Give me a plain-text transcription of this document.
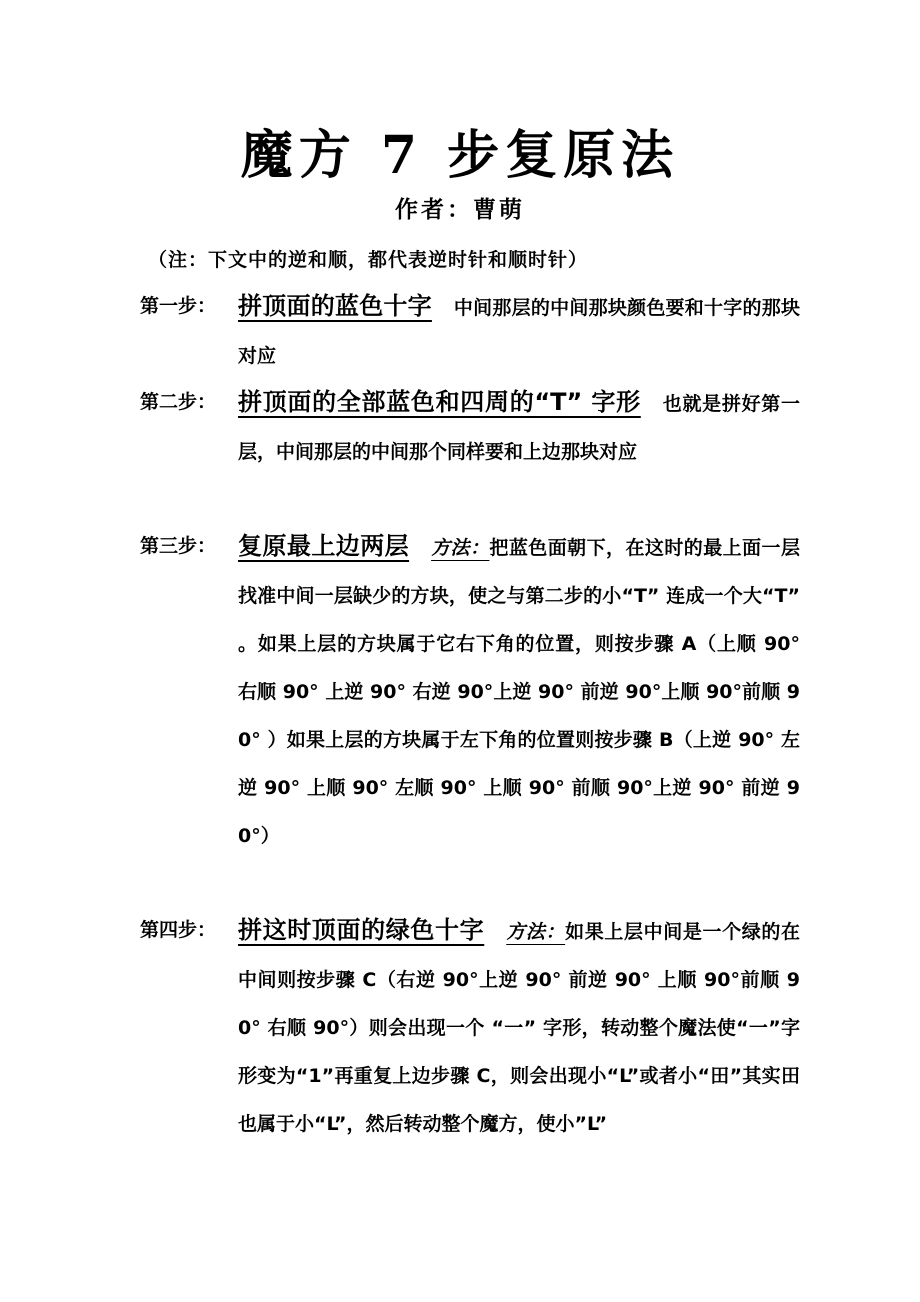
魔方 7 步复原法
作者：曹萌
（注：下文中的逆和顺，都代表逆时针和顺时针）
第一步： 拼顶面的蓝色十字 中间那层的中间那块颜色要和十字的那块对应
第二步： 拼顶面的全部蓝色和四周的“T” 字形 也就是拼好第一层，中间那层的中间那个同样要和上边那块对应
第三步： 复原最上边两层 方法：把蓝色面朝下，在这时的最上面一层找准中间一层缺少的方块，使之与第二步的小“T” 连成一个大“T” 。如果上层的方块属于它右下角的位置，则按步骤 A（上顺 90° 右顺 90° 上逆 90° 右逆 90°上逆 90° 前逆 90°上顺 90°前顺 90° ）如果上层的方块属于左下角的位置则按步骤 B（上逆 90° 左逆 90° 上顺 90° 左顺 90° 上顺 90° 前顺 90°上逆 90° 前逆 90°）
第四步： 拼这时顶面的绿色十字 方法：如果上层中间是一个绿的在中间则按步骤 C（右逆 90°上逆 90° 前逆 90° 上顺 90°前顺 90° 右顺 90°）则会出现一个 “一” 字形，转动整个魔法使“一”字形变为“1”再重复上边步骤 C，则会出现小“L”或者小“田”其实田也属于小“L”，然后转动整个魔方，使小”L”
